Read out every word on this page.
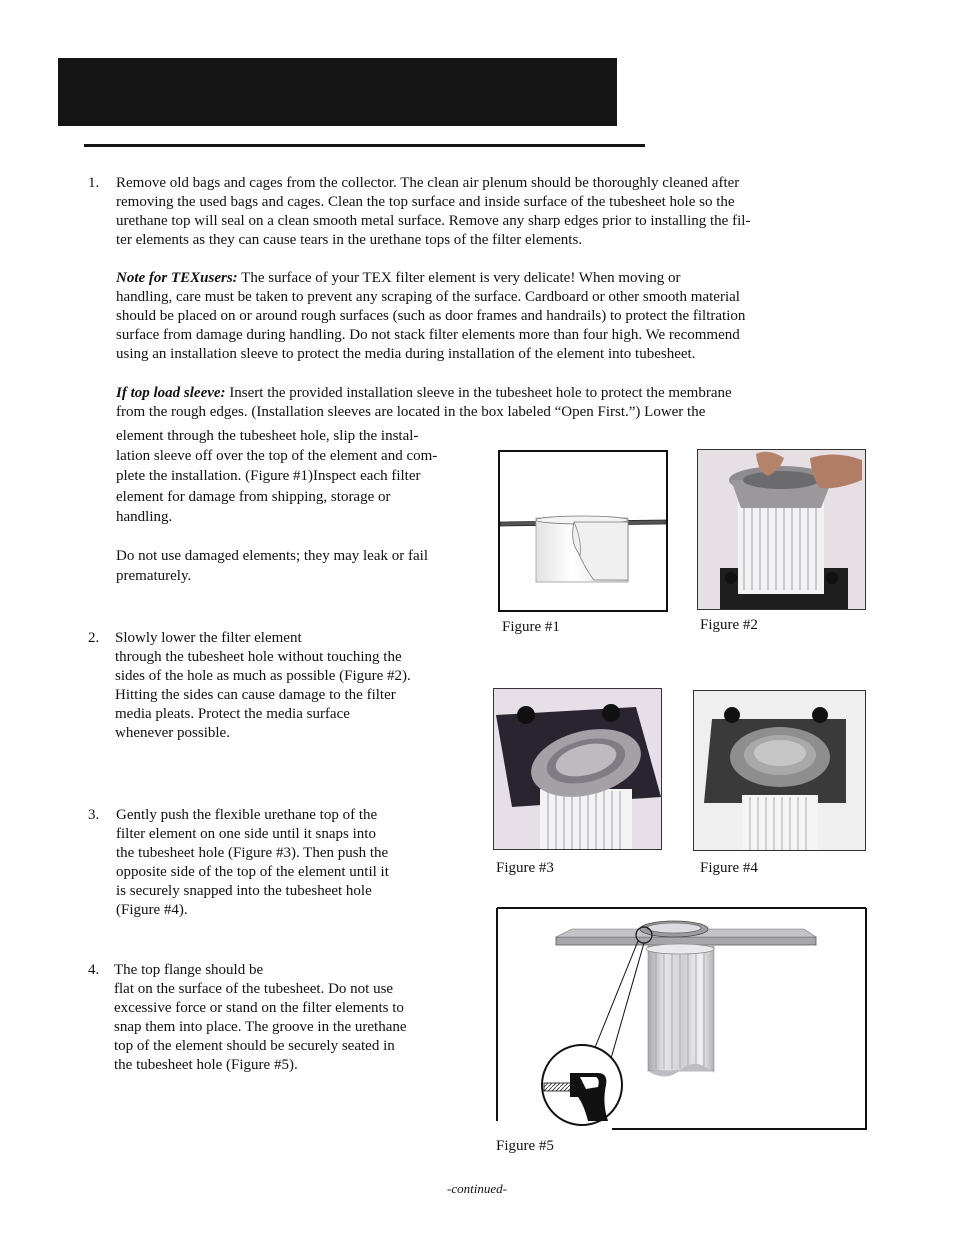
1. Remove old bags and cages from the collector. The clean air plenum should be thoroughly cleaned after
removing the used bags and cages. Clean the top surface and inside surface of the tubesheet hole so the
urethane top will seal on a clean smooth metal surface. Remove any sharp edges prior to installing the fil-
ter elements as they can cause tears in the urethane tops of the filter elements.
Note for TEXusers: The surface of your TEX filter element is very delicate! When moving or
handling, care must be taken to prevent any scraping of the surface. Cardboard or other smooth material
should be placed on or around rough surfaces (such as door frames and handrails) to protect the filtration
surface from damage during handling. Do not stack filter elements more than four high. We recommend
using an installation sleeve to protect the media during installation of the element into tubesheet.
If top load sleeve: Insert the provided installation sleeve in the tubesheet hole to protect the membrane
from the rough edges. (Installation sleeves are located in the box labeled “Open First.”) Lower the
element through the tubesheet hole, slip the instal-
lation sleeve off over the top of the element and com-
plete the installation. (Figure #1)Inspect each filter
element for damage from shipping, storage or
handling.
Do not use damaged elements; they may leak or fail
prematurely.
2. Slowly lower the filter element
through the tubesheet hole without touching the
sides of the hole as much as possible (Figure #2).
Hitting the sides can cause damage to the filter
media pleats. Protect the media surface
whenever possible.
3. Gently push the flexible urethane top of the
filter element on one side until it snaps into
the tubesheet hole (Figure #3). Then push the
opposite side of the top of the element until it
is securely snapped into the tubesheet hole
(Figure #4).
4. The top flange should be
flat on the surface of the tubesheet. Do not use
excessive force or stand on the filter elements to
snap them into place. The groove in the urethane
top of the element should be securely seated in
the tubesheet hole (Figure #5).
Figure #1	Figure #2
Figure #3	Figure #4
Figure #5
-continued-
